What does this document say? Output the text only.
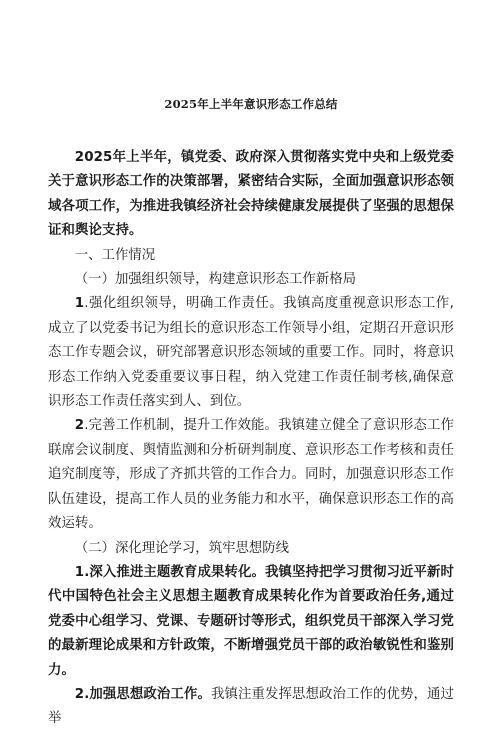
2025年上半年意识形态工作总结

2025年上半年，镇党委、政府深入贯彻落实党中央和上级党委关于意识形态工作的决策部署，紧密结合实际，全面加强意识形态领域各项工作，为推进我镇经济社会持续健康发展提供了坚强的思想保证和舆论支持。

一、工作情况

（一）加强组织领导，构建意识形态工作新格局

1.强化组织领导，明确工作责任。我镇高度重视意识形态工作,成立了以党委书记为组长的意识形态工作领导小组，定期召开意识形态工作专题会议，研究部署意识形态领域的重要工作。同时，将意识形态工作纳入党委重要议事日程，纳入党建工作责任制考核,确保意识形态工作责任落实到人、到位。

2.完善工作机制，提升工作效能。我镇建立健全了意识形态工作联席会议制度、舆情监测和分析研判制度、意识形态工作考核和责任追究制度等，形成了齐抓共管的工作合力。同时，加强意识形态工作队伍建设，提高工作人员的业务能力和水平，确保意识形态工作的高效运转。

（二）深化理论学习，筑牢思想防线

1.深入推进主题教育成果转化。我镇坚持把学习贯彻习近平新时代中国特色社会主义思想主题教育成果转化作为首要政治任务,通过党委中心组学习、党课、专题研讨等形式，组织党员干部深入学习党的最新理论成果和方针政策，不断增强党员干部的政治敏锐性和鉴别力。

2.加强思想政治工作。我镇注重发挥思想政治工作的优势，通过举
